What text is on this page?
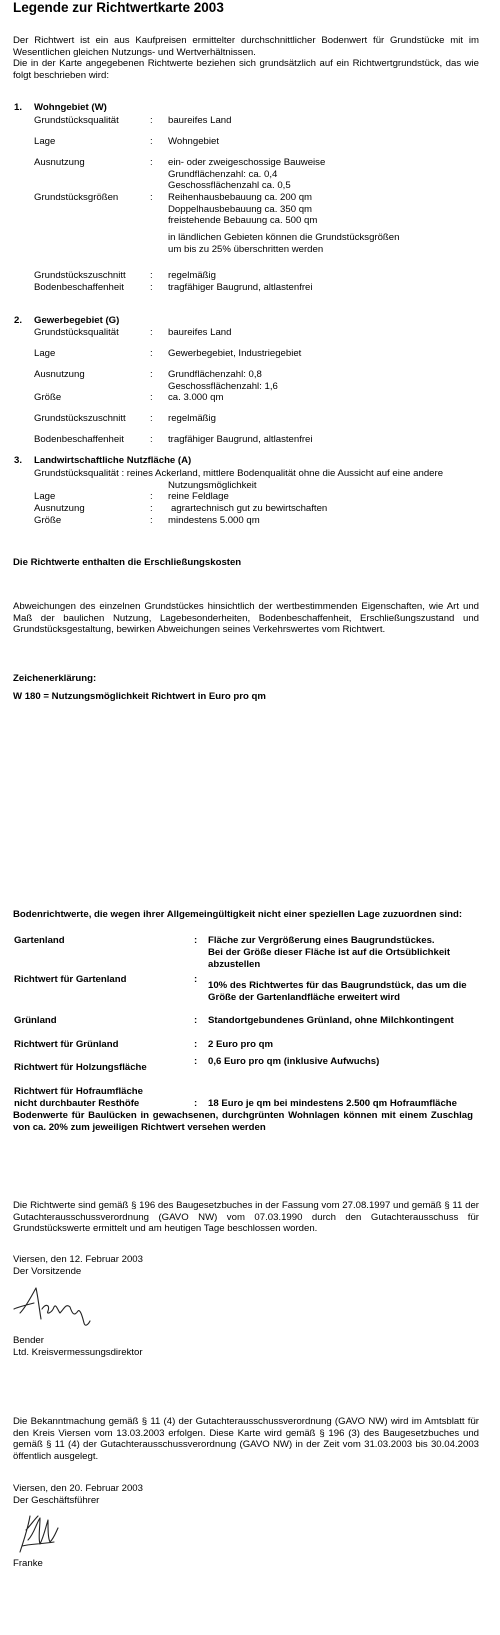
Legende zur Richtwertkarte 2003
Der Richtwert ist ein aus Kaufpreisen ermittelter durchschnittlicher Bodenwert für Grundstücke mit im Wesentlichen gleichen Nutzungs- und Wertverhältnissen.
Die in der Karte angegebenen Richtwerte beziehen sich grundsätzlich auf ein Richtwertgrundstück, das wie folgt beschrieben wird:
1. Wohngebiet (W)
Grundstücksqualität	: baureifes Land
Lage	: Wohngebiet
Ausnutzung	: ein- oder zweigeschossige Bauweise
Grundflächenzahl: ca. 0,4
Geschossflächenzahl ca. 0,5
Grundstücksgrößen	: Reihenhausbebauung ca. 200 qm
Doppelhausbebauung ca. 350 qm
freistehende Bebauung ca. 500 qm
in ländlichen Gebieten können die Grundstücksgrößen
um bis zu 25% überschritten werden
Grundstückszuschnitt	: regelmäßig
Bodenbeschaffenheit	: tragfähiger Baugrund, altlastenfrei
2. Gewerbegebiet (G)
Grundstücksqualität	: baureifes Land
Lage	: Gewerbegebiet, Industriegebiet
Ausnutzung	: Grundflächenzahl: 0,8
Geschossflächenzahl: 1,6
Größe	: ca. 3.000 qm
Grundstückszuschnitt	: regelmäßig
Bodenbeschaffenheit	: tragfähiger Baugrund, altlastenfrei
3. Landwirtschaftliche Nutzfläche (A)
Grundstücksqualität : reines Ackerland, mittlere Bodenqualität ohne die Aussicht auf eine andere
Nutzungsmöglichkeit
Lage	: reine Feldlage
Ausnutzung	: agrartechnisch gut zu bewirtschaften
Größe	: mindestens 5.000 qm
Die Richtwerte enthalten die Erschließungskosten
Abweichungen des einzelnen Grundstückes hinsichtlich der wertbestimmenden Eigenschaften, wie Art und Maß der baulichen Nutzung, Lagebesonderheiten, Bodenbeschaffenheit, Erschließungszustand und Grundstücksgestaltung, bewirken Abweichungen seines Verkehrswertes vom Richtwert.
Zeichenerklärung:
W 180 = Nutzungsmöglichkeit Richtwert in Euro pro qm
Bodenrichtwerte, die wegen ihrer Allgemeingültigkeit nicht einer speziellen Lage zuzuordnen sind:
Gartenland	: Fläche zur Vergrößerung eines Baugrundstückes.
Bei der Größe dieser Fläche ist auf die Ortsüblichkeit
abzustellen
Richtwert für Gartenland	:
10% des Richtwertes für das Baugrundstück, das um die
Größe der Gartenlandfläche erweitert wird
Grünland	: Standortgebundenes Grünland, ohne Milchkontingent
Richtwert für Grünland	: 2 Euro pro qm
Richtwert für Holzungsfläche
: 0,6 Euro pro qm (inklusive Aufwuchs)
Richtwert für Hofraumfläche
nicht durchbauter Resthöfe	: 18 Euro je qm bei mindestens 2.500 qm Hofraumfläche
Bodenwerte für Baulücken in gewachsenen, durchgrünten Wohnlagen können mit einem Zuschlag von ca. 20% zum jeweiligen Richtwert versehen werden
Die Richtwerte sind gemäß § 196 des Baugesetzbuches in der Fassung vom 27.08.1997 und gemäß § 11 der Gutachterausschussverordnung (GAVO NW) vom 07.03.1990 durch den Gutachterausschuss für Grundstückswerte ermittelt und am heutigen Tage beschlossen worden.
Viersen, den 12. Februar 2003
Der Vorsitzende
Bender
Ltd. Kreisvermessungsdirektor
Die Bekanntmachung gemäß § 11 (4) der Gutachterausschussverordnung (GAVO NW) wird im Amtsblatt für den Kreis Viersen vom 13.03.2003 erfolgen. Diese Karte wird gemäß § 196 (3) des Baugesetzbuches und gemäß § 11 (4) der Gutachterausschussverordnung (GAVO NW) in der Zeit vom 31.03.2003 bis 30.04.2003 öffentlich ausgelegt.
Viersen, den 20. Februar 2003
Der Geschäftsführer
Franke
